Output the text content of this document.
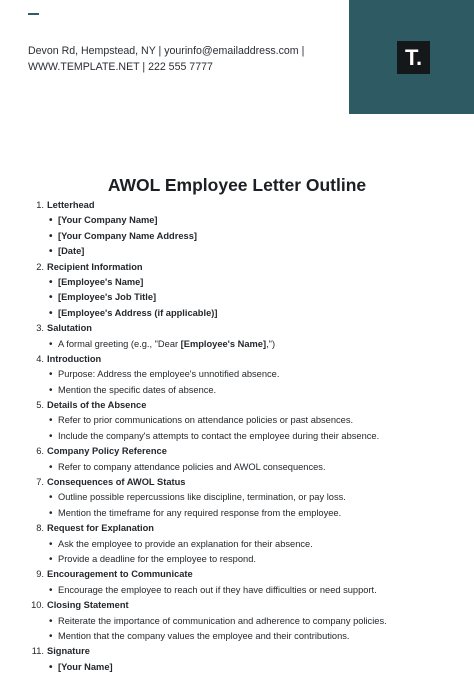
Devon Rd, Hempstead, NY | yourinfo@emailaddress.com |
WWW.TEMPLATE.NET | 222 555 7777	T.
AWOL Employee Letter Outline
1. Letterhead
• [Your Company Name]
• [Your Company Name Address]
• [Date]
2. Recipient Information
• [Employee's Name]
• [Employee's Job Title]
• [Employee's Address (if applicable)]
3. Salutation
• A formal greeting (e.g., "Dear [Employee's Name],")
4. Introduction
• Purpose: Address the employee's unnotified absence.
• Mention the specific dates of absence.
5. Details of the Absence
• Refer to prior communications on attendance policies or past absences.
• Include the company's attempts to contact the employee during their absence.
6. Company Policy Reference
• Refer to company attendance policies and AWOL consequences.
7. Consequences of AWOL Status
• Outline possible repercussions like discipline, termination, or pay loss.
• Mention the timeframe for any required response from the employee.
8. Request for Explanation
• Ask the employee to provide an explanation for their absence.
• Provide a deadline for the employee to respond.
9. Encouragement to Communicate
• Encourage the employee to reach out if they have difficulties or need support.
10. Closing Statement
• Reiterate the importance of communication and adherence to company policies.
• Mention that the company values the employee and their contributions.
11. Signature
• [Your Name]
